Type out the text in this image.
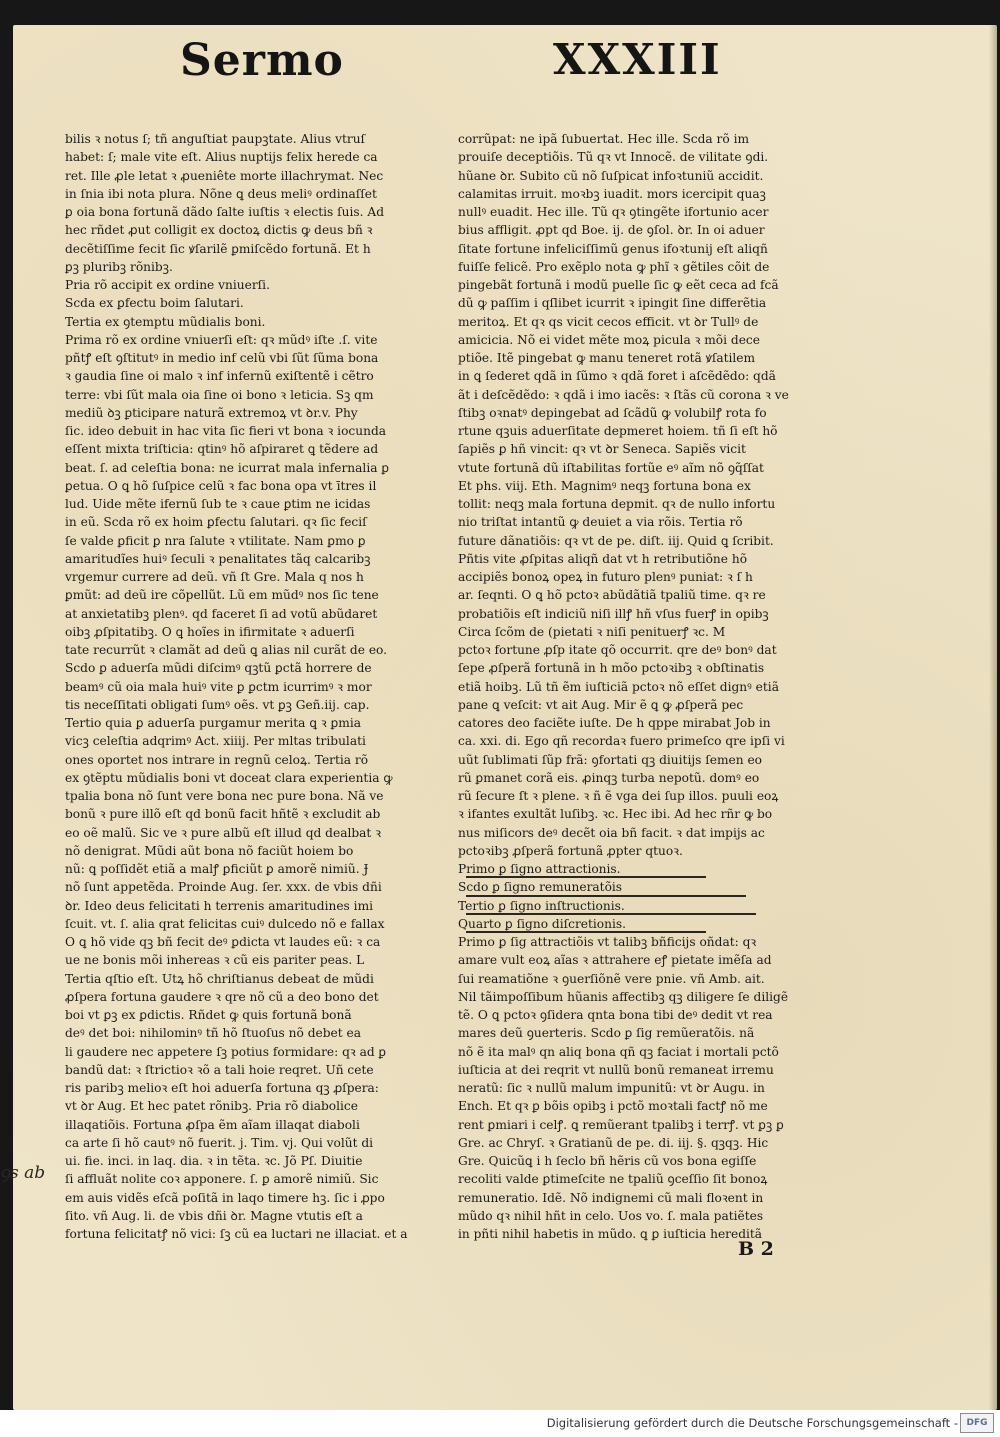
Sermo	XXXIII
bilis ꝛ notus ſ; tñ anguſtiat paupꝫtate. Alius vtruſ
habet: ſ; male vite eſt. Alius nuptijs felix herede ca
ret. Ille ꝓle letat ꝛ ꝓueniête morte illachrymat. Nec
in ſnia ibi nota plura. Nõne ꝗ deus meliꝰ ordinaſſet
ꝑ oia bona fortunã dãdo ſalte iuſtis ꝛ electis ſuis. Ad
hec rñdet ꝓut colligit ex doctoꝝ dictis ꝙ deus bñ ꝛ
decẽtiſſime fecit ſic ꝟſarilẽ ꝑmiſcẽdo fortunã. Et h
ꝑꝫ pluribꝫ rõnibꝫ.
Pria rõ accipit ex ordine vniuerſi.
Scda ex ꝑfectu boim ſalutari.
Tertia ex ꝯtemptu mũdialis boni.
Prima rõ ex ordine vniuerſi eſt: qꝛ mũdꝰ iſte .ſ. vite
pñtꝭ eſt ꝯſtitutꝰ in medio inf celũ vbi ſũt ſũma bona
ꝛ gaudia ſine oi malo ꝛ inf infernũ exiſtentẽ i cẽtro
terre: vbi ſũt mala oia ſine oi bono ꝛ leticia. Sꝫ qm
mediũ ꝺꝫ ꝑticipare naturã extremoꝝ vt ꝺr.v. Phy
ſic. ideo debuit in hac vita ſic fieri vt bona ꝛ iocunda
eſſent mixta triſticia: qtinꝰ hõ aſpiraret ꝗ tẽdere ad
beat. ſ. ad celeſtia bona: ne icurrat mala infernalia ꝑ
ꝑetua. O ꝗ hõ ſuſpice celũ ꝛ fac bona opa vt ītres il
lud. Uide mẽte ifernũ ſub te ꝛ caue ꝑtim ne icidas
in eũ. Scda rõ ex hoim ꝑfectu ſalutari. qꝛ ſic feciſ
ſe valde ꝑficit ꝑ nra ſalute ꝛ vtilitate. Nam ꝑmo ꝑ
amaritudĩes huiꝰ ſeculi ꝛ penalitates tãq calcaribꝫ
vrgemur currere ad deũ. vñ ſt Gre. Mala q nos h
ꝑmũt: ad deũ ire cõpellũt. Lũ em mũdꝰ nos ſic tene
at anxietatibꝫ plenꝰ. qd faceret ſi ad votũ abũdaret
oibꝫ ꝓſpitatibꝫ. O ꝗ hoĩes in ifirmitate ꝛ aduerſi
tate recurrũt ꝛ clamãt ad deũ ꝗ alias nil curãt de eo.
Scdo ꝑ aduerſa mũdi diſcimꝰ qꝫtũ ꝑctã horrere de
beamꝰ cũ oia mala huiꝰ vite ꝑ ꝑctm icurrimꝰ ꝛ mor
tis neceſſitati obligati ſumꝰ oẽs. vt ꝑꝫ Geñ.iij. cap.
Tertio quia ꝑ aduerſa purgamur merita ꝗ ꝛ ꝑmia
vicꝫ celeſtia adqrimꝰ Act. xiiij. Per mltas tribulati
ones oportet nos intrare in regnũ celoꝝ. Tertia rõ
ex ꝯtẽptu mũdialis boni vt doceat clara experientia ꝙ
tpalia bona nõ ſunt vere bona nec pure bona. Nã ve
bonũ ꝛ pure illõ eſt qd bonũ facit hñtẽ ꝛ excludit ab
eo oẽ malũ. Sic ve ꝛ pure albũ eſt illud qd dealbat ꝛ
nõ denigrat. Mũdi aũt bona nõ faciũt hoiem bo
nũ: ꝗ poſſidẽt etiã a malꝭ ꝑficiũt ꝑ amorẽ nimiũ. Ɉ
nõ ſunt appetẽda. Proinde Aug. ſer. xxx. de vbis dñi
ꝺr. Ideo deus felicitati h terrenis amaritudines imi
ſcuit. vt. ſ. alia qrat felicitas cuiꝰ dulcedo nõ e fallax
O ꝗ hõ vide qꝫ bñ fecit deꝰ ꝑdicta vt laudes eũ: ꝛ ca
ue ne bonis mõi inhereas ꝛ cũ eis pariter peas. L
Tertia qſtio eſt. Utꝝ hõ chriſtianus debeat de mũdi
ꝓſpera fortuna gaudere ꝛ qre nõ cũ a deo bono det
boi vt ꝑꝫ ex ꝑdictis. Rñdet ꝙ quis fortunã bonã
deꝰ det boi: nihilominꝰ tñ hõ ſtuoſus nõ debet ea
li gaudere nec appetere ſꝫ potius formidare: qꝛ ad ꝑ
bandũ dat: ꝛ ſtrictioꝛ ꝛõ a tali hoie reqret. Uñ cete
ris paribꝫ melioꝛ eſt hoi aduerſa fortuna qꝫ ꝓſpera:
vt ꝺr Aug. Et hec patet rõnibꝫ. Pria rõ diabolice
illaqatiõis. Fortuna ꝓſpa ẽm aĩam illaqat diaboli
ca arte ſi hõ cautꝰ nõ fuerit. j. Tim. vj. Qui volũt di
ui. fie. inci. in laq. dia. ꝛ in tẽta. ꝛc. Jõ Pſ. Diuitie
ſi affluãt nolite coꝛ apponere. ſ. ꝑ amorẽ nimiũ. Sic
em auis vidẽs eſcã poſitã in laqo timere hꝫ. ſic i ꝓpo
ſito. vñ Aug. li. de vbis dñi ꝺr. Magne vtutis eſt a
fortuna felicitatꝭ nõ vici: ſꝫ cũ ea luctari ne illaciat. et a
corrũpat: ne ipã ſubuertat. Hec ille. Scda rõ im
prouiſe deceptiõis. Tũ qꝛ vt Innocẽ. de vilitate ꝯdi.
hũane ꝺr. Subito cũ nõ ſuſpicat infoꝛtuniũ accidit.
calamitas irruit. moꝛbꝫ iuadit. mors icercipit quaꝫ
nullꝰ euadit. Hec ille. Tũ qꝛ ꝯtingẽte ifortunio acer
bius affligit. ꝓpt qd Boe. ij. de ꝯſol. ꝺr. In oi aduer
ſitate fortune infeliciſſimũ genus ifoꝛtunij eſt aliqñ
fuiſſe felicẽ. Pro exẽplo nota ꝙ phĩ ꝛ gẽtiles cõit de
pingebãt fortunã i modũ puelle ſic ꝙ eẽt ceca ad fcã
dũ ꝙ paſſim i qſlibet icurrit ꝛ ipingit ſine differẽtia
meritoꝝ. Et qꝛ qs vicit cecos efficit. vt ꝺr Tullꝰ de
amicicia. Nõ ei videt mẽte moꝝ picula ꝛ mõi dece
ptiõe. Itẽ pingebat ꝙ manu teneret rotã ꝟſatilem
in ꝗ ſederet qdã in ſũmo ꝛ qdã foret i aſcẽdẽdo: qdã
ãt i deſcẽdẽdo: ꝛ qdã i imo iacẽs: ꝛ ſtãs cũ corona ꝛ ve
ſtibꝫ oꝛnatꝰ depingebat ad ſcãdũ ꝙ volubilꝭ rota fo
rtune qꝫuis aduerſitate depmeret hoiem. tñ ſi eſt hõ
ſapiẽs ꝑ hñ vincit: qꝛ vt ꝺr Seneca. Sapiẽs vicit
vtute fortunã dũ iſtabilitas fortũe eꝰ aĩm nõ ꝯq̃ſſat
Et phs. viij. Eth. Magnimꝰ neqꝫ fortuna bona ex
tollit: neqꝫ mala fortuna depmit. qꝛ de nullo infortu
nio triſtat intantũ ꝙ deuiet a via rõis. Tertia rõ
future dãnatiõis: qꝛ vt de pe. diſt. iij. Quid ꝗ ſcribit.
Pñtis vite ꝓſpitas aliqñ dat vt h retributiõne hõ
accipiẽs bonoꝝ opeꝝ in futuro plenꝰ puniat: ꝛ ſ h
ar. ſeqnti. O ꝗ hõ pctoꝛ abũdãtiã tpaliũ time. qꝛ re
probatiõis eſt indiciũ niſi illꝭ hñ vſus fuerꝭ in opibꝫ
Circa ſcõm de (pietati ꝛ niſi penituerꝭ ꝛc. M
pctoꝛ fortune ꝓſp itate qõ occurrit. qre deꝰ bonꝰ dat
ſepe ꝓſperã fortunã in h mõo pctoꝛibꝫ ꝛ obſtinatis
etiã hoibꝫ. Lũ tñ ẽm iuſticiã pctoꝛ nõ eſſet dignꝰ etiã
pane ꝗ veſcit: vt ait Aug. Mir ẽ ꝗ ꝙ ꝓſperã pec
catores deo faciẽte iuſte. De h qppe mirabat Job in
ca. xxi. di. Ego qñ recordaꝛ fuero primeſco qre ipſi vi
uũt ſublimati ſũp frã: ꝯfortati qꝫ diuitijs ſemen eo
rũ ꝑmanet corã eis. ꝓinqꝫ turba nepotũ. domꝰ eo
rũ ſecure ſt ꝛ plene. ꝛ ñ ẽ vga dei ſup illos. puuli eoꝝ
ꝛ ifantes exultãt luſibꝫ. ꝛc. Hec ibi. Ad hec rñr ꝙ bo
nus miſicors deꝰ decẽt oia bñ facit. ꝛ dat impijs ac
pctoꝛibꝫ ꝓſperã fortunã ꝓpter qtuoꝛ.
Primo ꝑ ſigno attractionis.
Scdo ꝑ ſigno remuneratõis
Tertio ꝑ ſigno inſtructionis.
Quarto ꝑ ſigno diſcretionis.
Primo ꝑ ſig attractiõis vt talibꝫ bñficijs oñdat: qꝛ
amare vult eoꝝ aĩas ꝛ attrahere eꝭ pietate imẽſa ad
ſui reamatiõne ꝛ ꝯuerſiõnẽ vere pnie. vñ Amb. ait.
Nil tãimpoſſibum hũanis affectibꝫ qꝫ diligere ſe diligẽ
tẽ. O ꝗ pctoꝛ ꝯſidera qnta bona tibi deꝰ dedit vt rea
mares deũ ꝯuerteris. Scdo ꝑ ſig remũeratõis. nã
nõ ẽ ita malꝰ qn aliq bona qñ qꝫ faciat i mortali pctõ
iuſticia at dei reqrit vt nullũ bonũ remaneat irremu
neratũ: ſic ꝛ nullũ malum impunitũ: vt ꝺr Augu. in
Ench. Et qꝛ ꝑ bõis opibꝫ i pctõ moꝛtali factꝭ nõ me
rent ꝑmiari i celꝭ. ꝗ remũerant tpalibꝫ i terrꝭ. vt ꝑꝫ ꝑ
Gre. ac Chryſ. ꝛ Gratianũ de pe. di. iij. §. qꝫqꝫ. Hic
Gre. Quicũꝗ i h ſeclo bñ hẽris cũ vos bona egiſſe
recoliti valde ꝑtimeſcite ne tpaliũ ꝯceſſio ſit bonoꝝ
remuneratio. Idẽ. Nõ indignemi cũ mali floꝛent in
mũdo qꝛ nihil hñt in celo. Uos vo. ſ. mala patiẽtes
in pñti nihil habetis in mũdo. ꝗ ꝑ iuſticia hereditã
ꝯs ab
B 2
Digitalisierung gefördert durch die Deutsche Forschungsgemeinschaft - DFG
